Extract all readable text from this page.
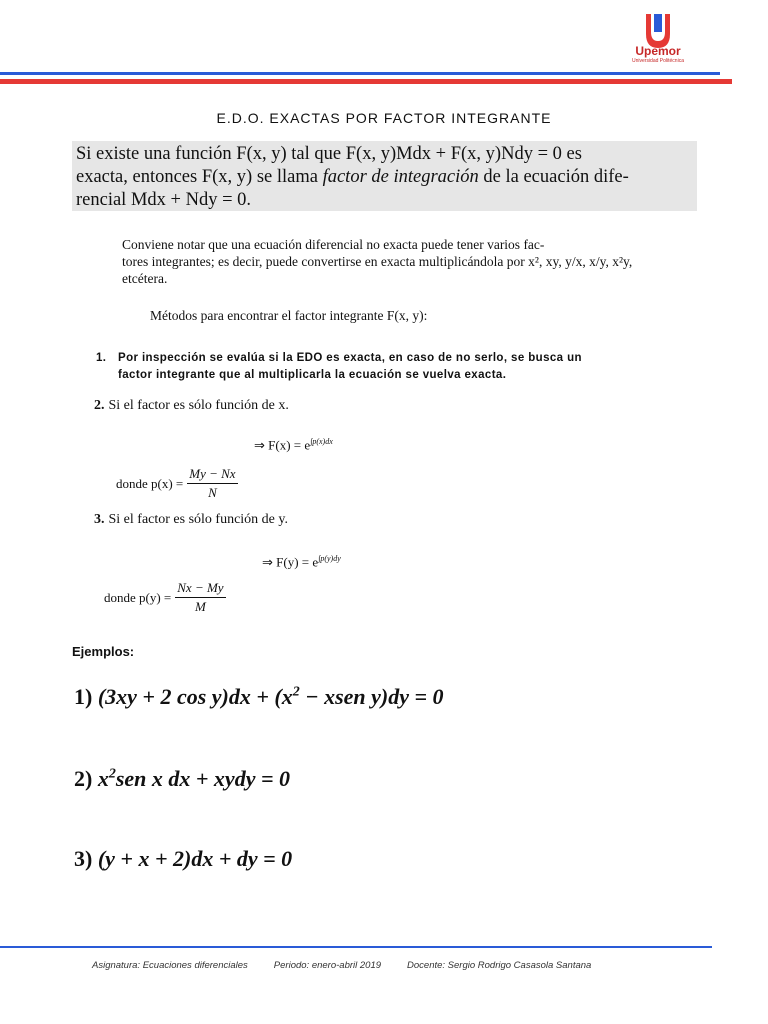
Upemor
Universidad Politécnica
E.D.O. EXACTAS POR FACTOR INTEGRANTE
Si existe una función F(x, y) tal que F(x, y)Mdx + F(x, y)Ndy = 0 es
exacta, entonces F(x, y) se llama factor de integración de la ecuación dife-
rencial Mdx + Ndy = 0.
Conviene notar que una ecuación diferencial no exacta puede tener varios fac-
tores integrantes; es decir, puede convertirse en exacta multiplicándola por x², xy, y/x, x/y, x²y, etcétera.
Métodos para encontrar el factor integrante F(x, y):
1. Por inspección se evalúa si la EDO es exacta, en caso de no serlo, se busca un
factor integrante que al multiplicarla la ecuación se vuelva exacta.
2. Si el factor es sólo función de x.
⇒ $F(x) = e^{\int p(x)dx}$
donde $p(x) = \frac{My - Nx}{N}$
3. Si el factor es sólo función de y.
⇒ $F(y) = e^{\int p(y)dy}$
donde $p(y) = \frac{Nx - My}{M}$
Ejemplos:
1) (3xy + 2 $\cos y)dx + (x^2$ − xsen y)dy = 0
2) $x^2sen$ x dx + xydy = 0
3) (y + x + 2)dx + dy = 0
Asignatura: Ecuaciones diferenciales	Periodo: enero-abril 2019	Docente: Sergio Rodrigo Casasola Santana
